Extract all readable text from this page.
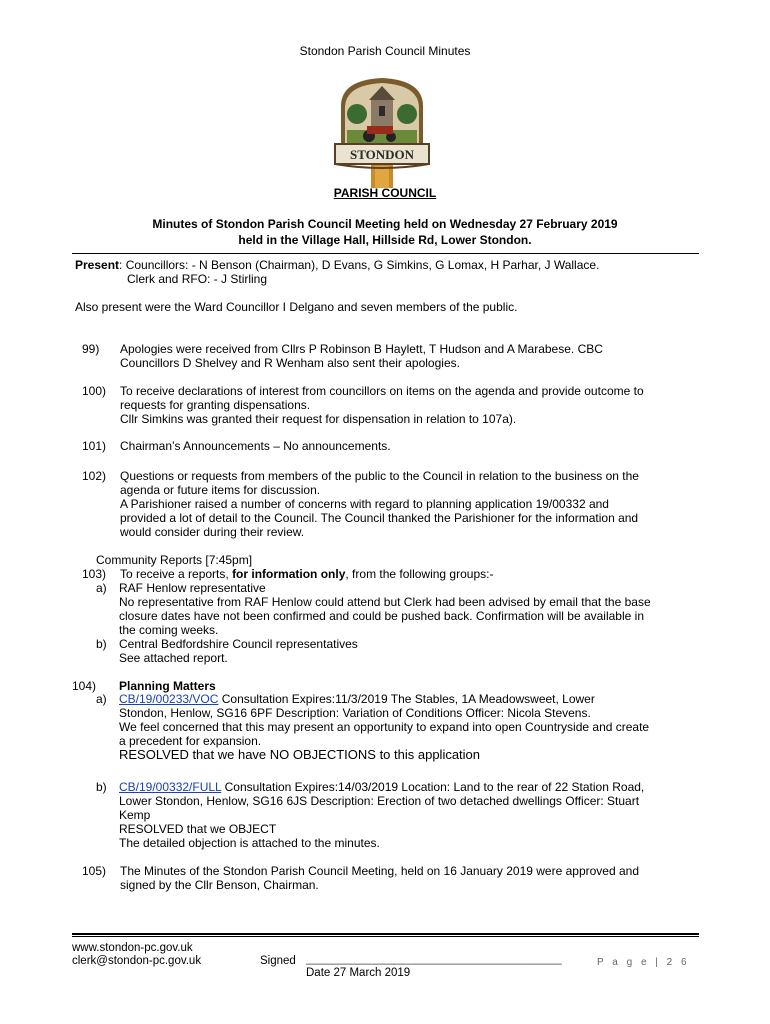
Stondon Parish Council Minutes
STONDON
PARISH COUNCIL
Minutes of Stondon Parish Council Meeting held on Wednesday 27 February 2019
held in the Village Hall, Hillside Rd, Lower Stondon.
Present: Councillors: - N Benson (Chairman), D Evans, G Simkins, G Lomax, H Parhar, J Wallace.
Clerk and RFO: - J Stirling
Also present were the Ward Councillor I Delgano and seven members of the public.
99) Apologies were received from Cllrs P Robinson B Haylett, T Hudson and A Marabese. CBC
Councillors D Shelvey and R Wenham also sent their apologies.
100) To receive declarations of interest from councillors on items on the agenda and provide outcome to
requests for granting dispensations.
Cllr Simkins was granted their request for dispensation in relation to 107a).
101) Chairman’s Announcements – No announcements.
102) Questions or requests from members of the public to the Council in relation to the business on the
agenda or future items for discussion.
A Parishioner raised a number of concerns with regard to planning application 19/00332 and
provided a lot of detail to the Council. The Council thanked the Parishioner for the information and
would consider during their review.
Community Reports [7:45pm]
103) To receive a reports, for information only, from the following groups:-
a) RAF Henlow representative
No representative from RAF Henlow could attend but Clerk had been advised by email that the base
closure dates have not been confirmed and could be pushed back. Confirmation will be available in
the coming weeks.
b) Central Bedfordshire Council representatives
See attached report.
104) Planning Matters
a) CB/19/00233/VOC Consultation Expires:11/3/2019 The Stables, 1A Meadowsweet, Lower
Stondon, Henlow, SG16 6PF Description: Variation of Conditions Officer: Nicola Stevens.
We feel concerned that this may present an opportunity to expand into open Countryside and create
a precedent for expansion.
RESOLVED that we have NO OBJECTIONS to this application
b) CB/19/00332/FULL Consultation Expires:14/03/2019 Location: Land to the rear of 22 Station Road,
Lower Stondon, Henlow, SG16 6JS Description: Erection of two detached dwellings Officer: Stuart
Kemp
RESOLVED that we OBJECT
The detailed objection is attached to the minutes.
105) The Minutes of the Stondon Parish Council Meeting, held on 16 January 2019 were approved and
signed by the Cllr Benson, Chairman.
www.stondon-pc.gov.uk
clerk@stondon-pc.gov.uk	Signed ________________________________________
Date 27 March 2019
P a g e | 2 6
